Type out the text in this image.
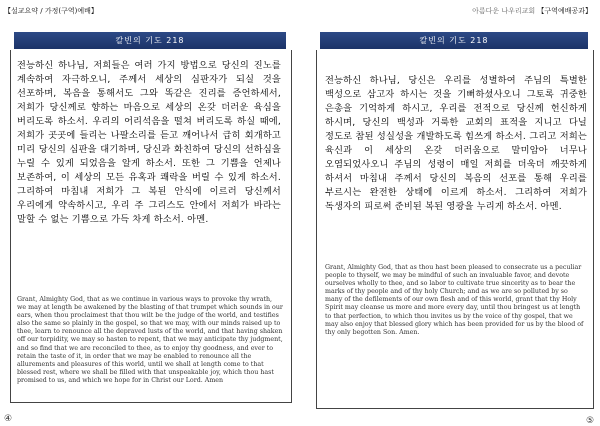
【설교요약 / 가정(구역)예배】
칼빈의 기도 218
전능하신 하나님, 저희들은 여러 가지 방법으로 당신의 진노를 계속하여 자극하오니, 주께서 세상의 심판자가 되실 것을 선포하며, 복음을 통해서도 그와 똑같은 진리를 증언하세서, 저희가 당신께로 향하는 마음으로 세상의 온갖 더러운 육심을 버리도록 하소서. 우리의 어리석음을 떨쳐 버리도록 하실 때에, 저희가 곳곳에 들리는 나팔소리를 듣고 깨어나서 급히 회개하고 미리 당신의 심판을 대기하며, 당신과 화친하여 당신의 선하심을 누릴 수 있게 되었음을 알게 하소서. 또한 그 기쁨을 언제나 보존하여, 이 세상의 모든 유혹과 쾌락을 버릴 수 있게 하소서. 그리하여 마침내 저희가 그 복된 안식에 이르러 당신께서 우리에게 약속하시고, 우리 주 그리스도 안에서 저희가 바라는 말할 수 없는 기쁨으로 가득 차게 하소서. 아멘.
Grant, Almighty God, that as we continue in various ways to provoke thy wrath, we may at length be awakened by the blasting of that trumpet which sounds in our ears, when thou proclaimest that thou wilt be the judge of the world, and testifies also the same so plainly in the gospel, so that we may, with our minds raised up to thee, learn to renounce all the depraved lusts of the world, and that having shaken off our torpidity, we may so hasten to repent, that we may anticipate thy judgment, and so find that we are reconciled to thee, as to enjoy thy goodness, and ever to retain the taste of it, in order that we may be enabled to renounce all the allurements and pleasures of this world, until we shall at length come to that blessed rest, where we shall be filled with that unspeakable joy, which thou hast promised to us, and which we hope for in Christ our Lord. Amen
④
아름다운 나우리교회 【구역예배공과】
칼빈의 기도 218
전능하신 하나님, 당신은 우리를 성별하여 주님의 특별한 백성으로 삼고자 하시는 것을 기뻐하셨사오니 그토록 귀중한 은총을 기억하게 하시고, 우리를 전적으로 당신께 헌신하게 하시며, 당신의 백성과 거룩한 교회의 표적을 지니고 다닐 정도로 참된 성실성을 개발하도록 힘쓰게 하소서. 그리고 저희는 육신과 이 세상의 온갖 더러움으로 말미암아 너무나 오염되었사오니 주님의 성령이 매일 저희를 더욱더 깨끗하게 하셔서 마침내 주께서 당신의 복음의 선포를 통해 우리를 부르시는 완전한 상태에 이르게 하소서. 그리하여 저희가 독생자의 피로써 준비된 복된 영광을 누리게 하소서. 아멘.
Grant, Almighty God, that as thou hast been pleased to consecrate us a peculiar people to thyself, we may be mindful of such an invaluable favor, and devote ourselves wholly to thee, and so labor to cultivate true sincerity as to bear the marks of thy people and of thy holy Church; and as we are so polluted by so many of the defilements of our own flesh and of this world, grant that thy Holy Spirit may cleanse us more and more every day, until thou bringest us at length to that perfection, to which thou invites us by the voice of thy gospel, that we may also enjoy that blessed glory which has been provided for us by the blood of thy only begotten Son. Amen.
⑤
